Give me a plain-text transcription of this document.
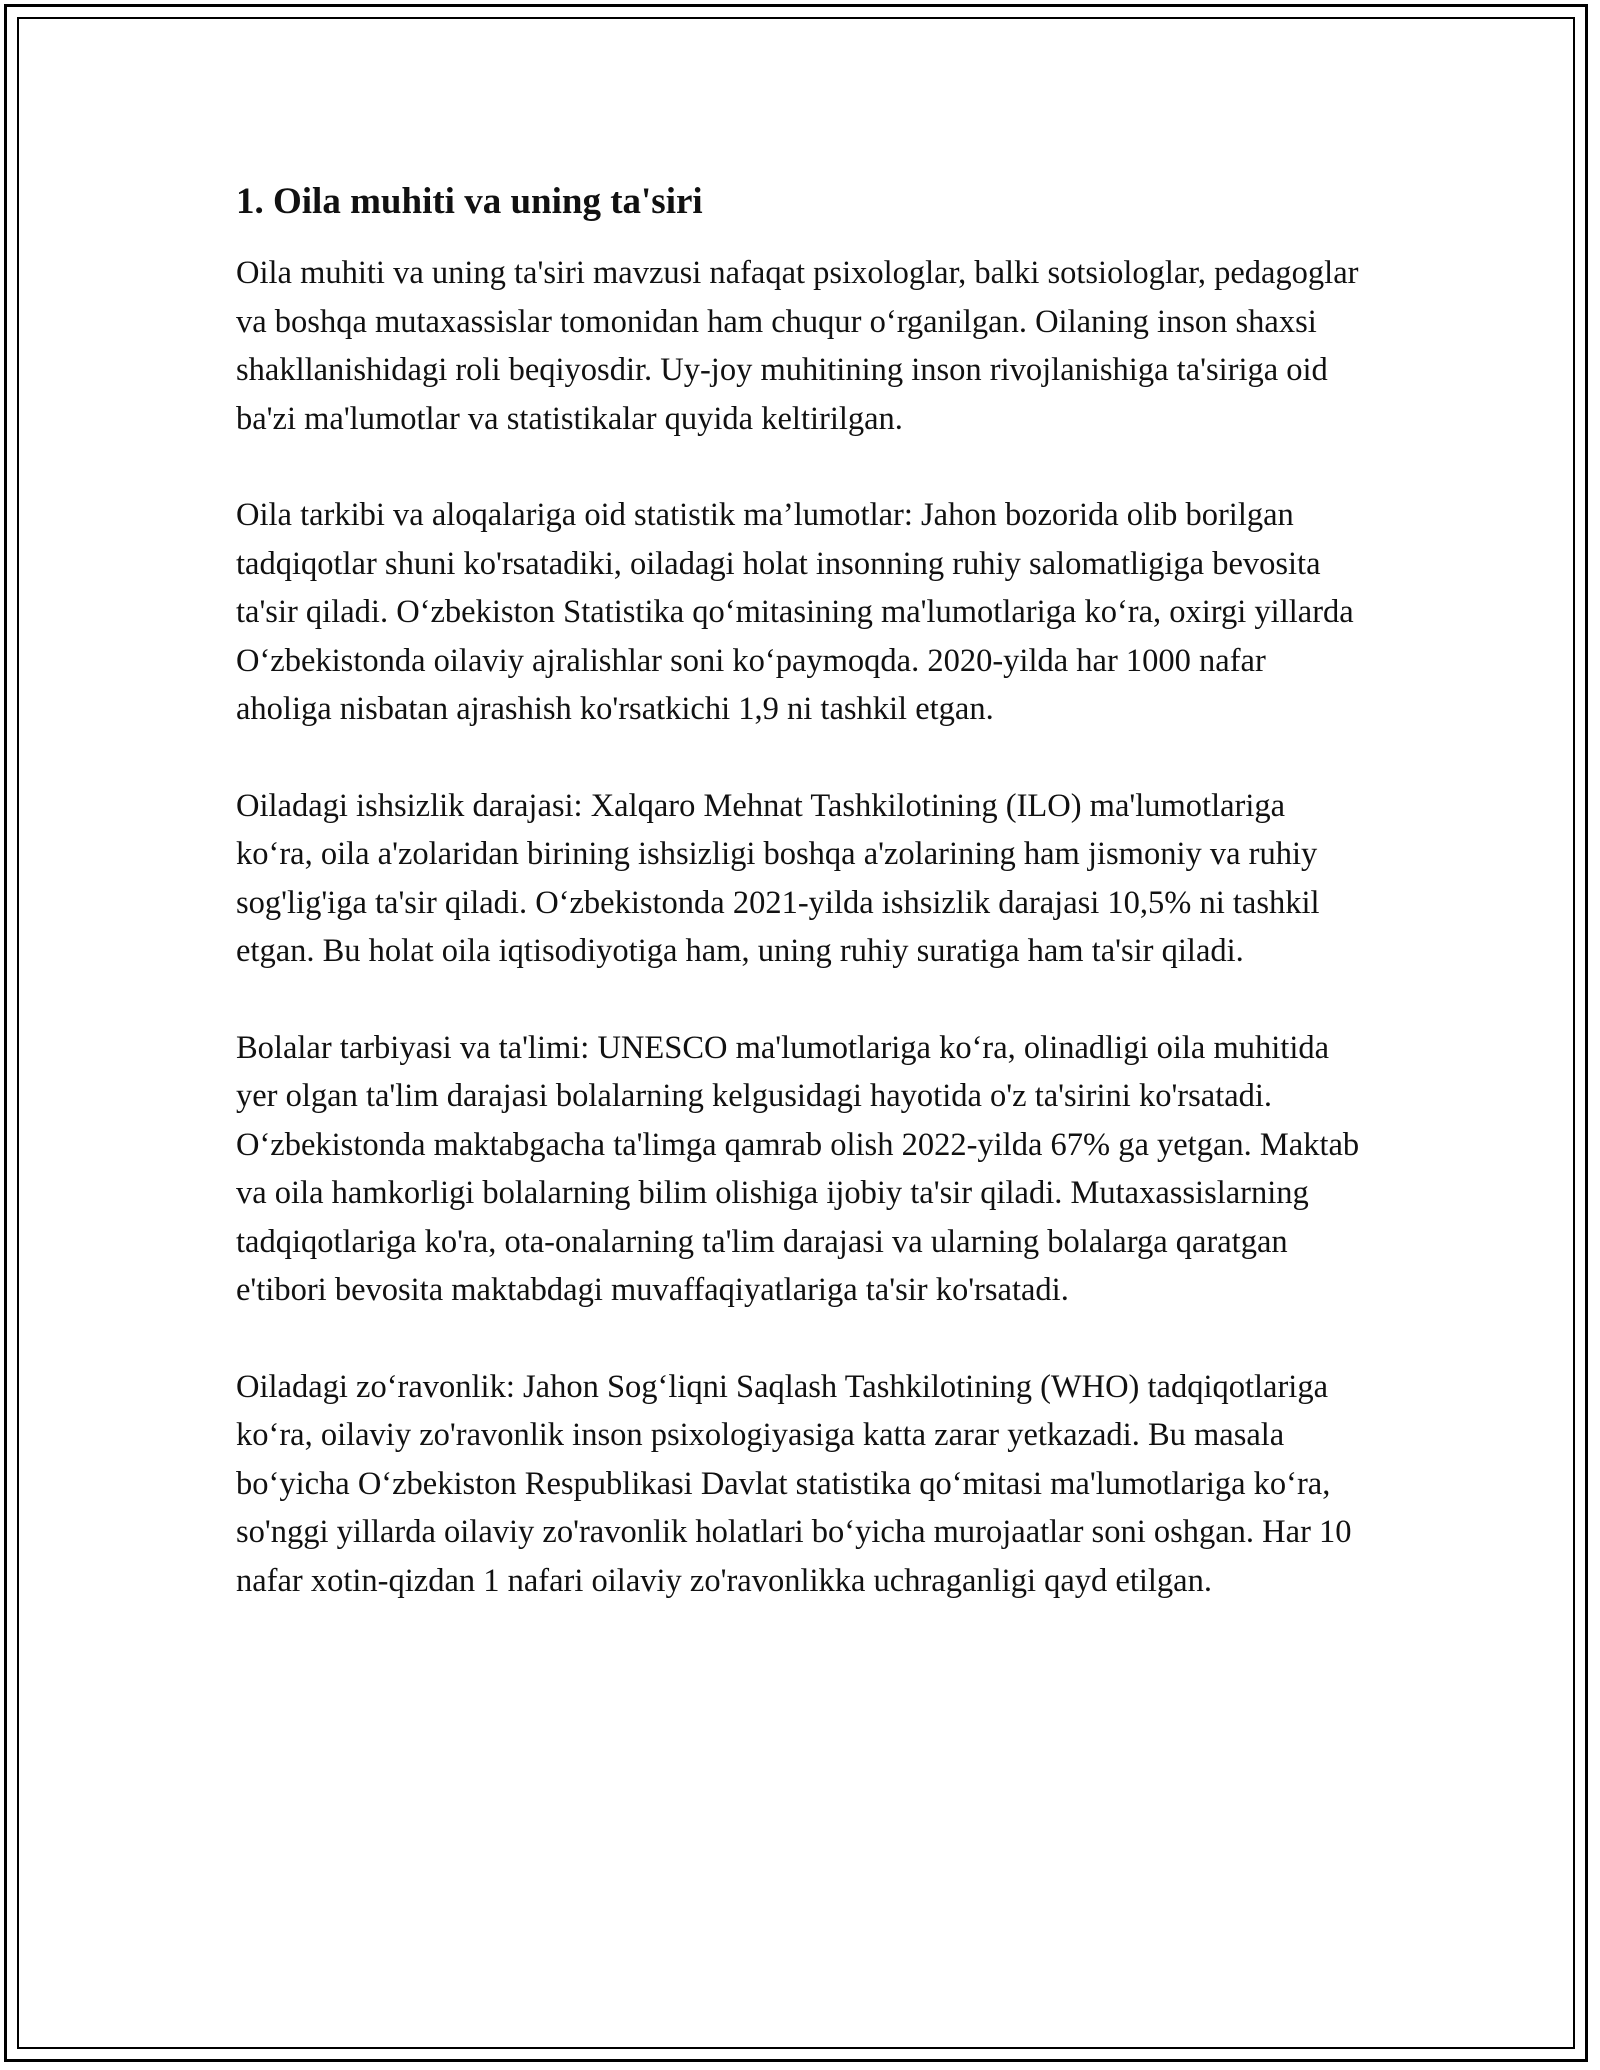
1. Oila muhiti va uning ta'siri

Oila muhiti va uning ta'siri mavzusi nafaqat psixologlar, balki sotsiologlar, pedagoglar va boshqa mutaxassislar tomonidan ham chuqur o‘rganilgan. Oilaning inson shaxsi shakllanishidagi roli beqiyosdir. Uy-joy muhitining inson rivojlanishiga ta'siriga oid ba'zi ma'lumotlar va statistikalar quyida keltirilgan.

Oila tarkibi va aloqalariga oid statistik ma’lumotlar: Jahon bozorida olib borilgan tadqiqotlar shuni ko'rsatadiki, oiladagi holat insonning ruhiy salomatligiga bevosita ta'sir qiladi. O‘zbekiston Statistika qo‘mitasining ma'lumotlariga ko‘ra, oxirgi yillarda O‘zbekistonda oilaviy ajralishlar soni ko‘paymoqda. 2020-yilda har 1000 nafar aholiga nisbatan ajrashish ko'rsatkichi 1,9 ni tashkil etgan.

Oiladagi ishsizlik darajasi: Xalqaro Mehnat Tashkilotining (ILO) ma'lumotlariga ko‘ra, oila a'zolaridan birining ishsizligi boshqa a'zolarining ham jismoniy va ruhiy sog'lig'iga ta'sir qiladi. O‘zbekistonda 2021-yilda ishsizlik darajasi 10,5% ni tashkil etgan. Bu holat oila iqtisodiyotiga ham, uning ruhiy suratiga ham ta'sir qiladi.

Bolalar tarbiyasi va ta'limi: UNESCO ma'lumotlariga ko‘ra, olinadligi oila muhitida yer olgan ta'lim darajasi bolalarning kelgusidagi hayotida o'z ta'sirini ko'rsatadi. O‘zbekistonda maktabgacha ta'limga qamrab olish 2022-yilda 67% ga yetgan. Maktab va oila hamkorligi bolalarning bilim olishiga ijobiy ta'sir qiladi. Mutaxassislarning tadqiqotlariga ko'ra, ota-onalarning ta'lim darajasi va ularning bolalarga qaratgan e'tibori bevosita maktabdagi muvaffaqiyatlariga ta'sir ko'rsatadi.

Oiladagi zo‘ravonlik: Jahon Sog‘liqni Saqlash Tashkilotining (WHO) tadqiqotlariga ko‘ra, oilaviy zo'ravonlik inson psixologiyasiga katta zarar yetkazadi. Bu masala bo‘yicha O‘zbekiston Respublikasi Davlat statistika qo‘mitasi ma'lumotlariga ko‘ra, so'nggi yillarda oilaviy zo'ravonlik holatlari bo‘yicha murojaatlar soni oshgan. Har 10 nafar xotin-qizdan 1 nafari oilaviy zo'ravonlikka uchraganligi qayd etilgan.
